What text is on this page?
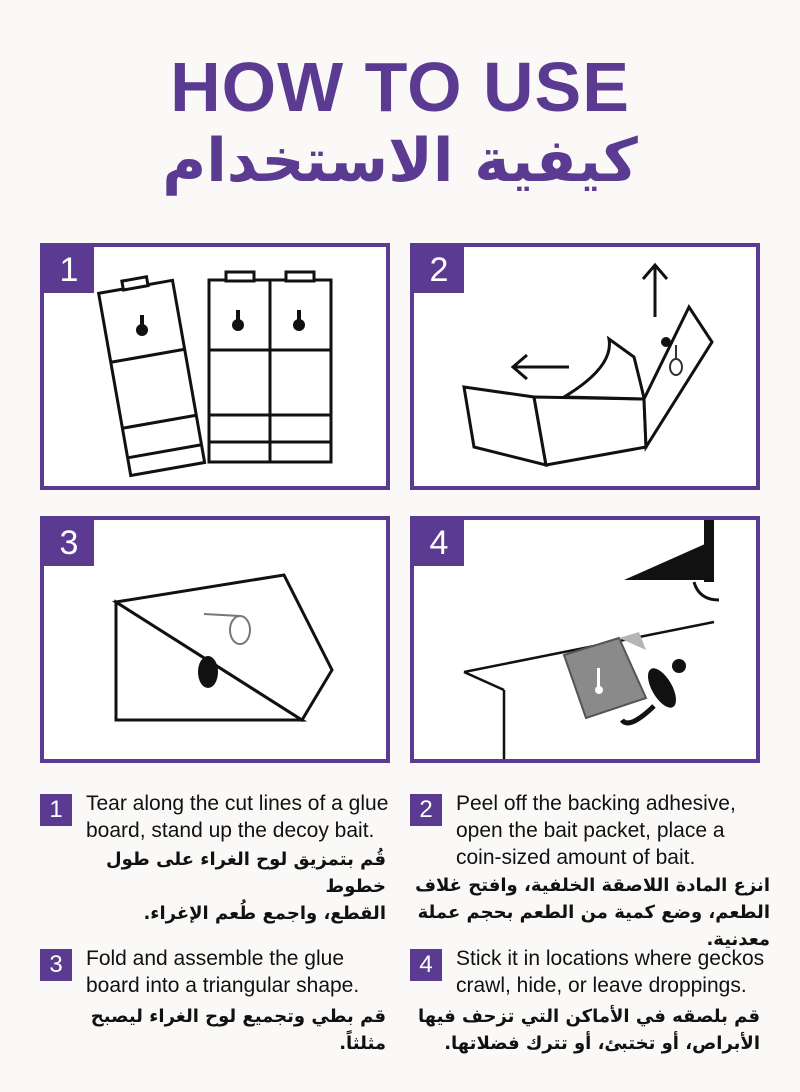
HOW TO USE
كيفية الاستخدام
1	2
3	4
1	Tear along the cut lines of a glue
board, stand up the decoy bait.
قُم بتمزيق لوح الغراء على طول خطوط
القطع، واجمع طُعم الإغراء.
2	Peel off the backing adhesive,
open the bait packet, place a
coin-sized amount of bait.
انزع المادة اللاصقة الخلفية، وافتح غلاف
الطعم، وضع كمية من الطعم بحجم عملة معدنية.
3	Fold and assemble the glue
board into a triangular shape.
قم بطي وتجميع لوح الغراء ليصبح مثلثاً.
4	Stick it in locations where geckos
crawl, hide, or leave droppings.
قم بلصقه في الأماكن التي تزحف فيها
الأبراص، أو تختبئ، أو تترك فضلاتها.
